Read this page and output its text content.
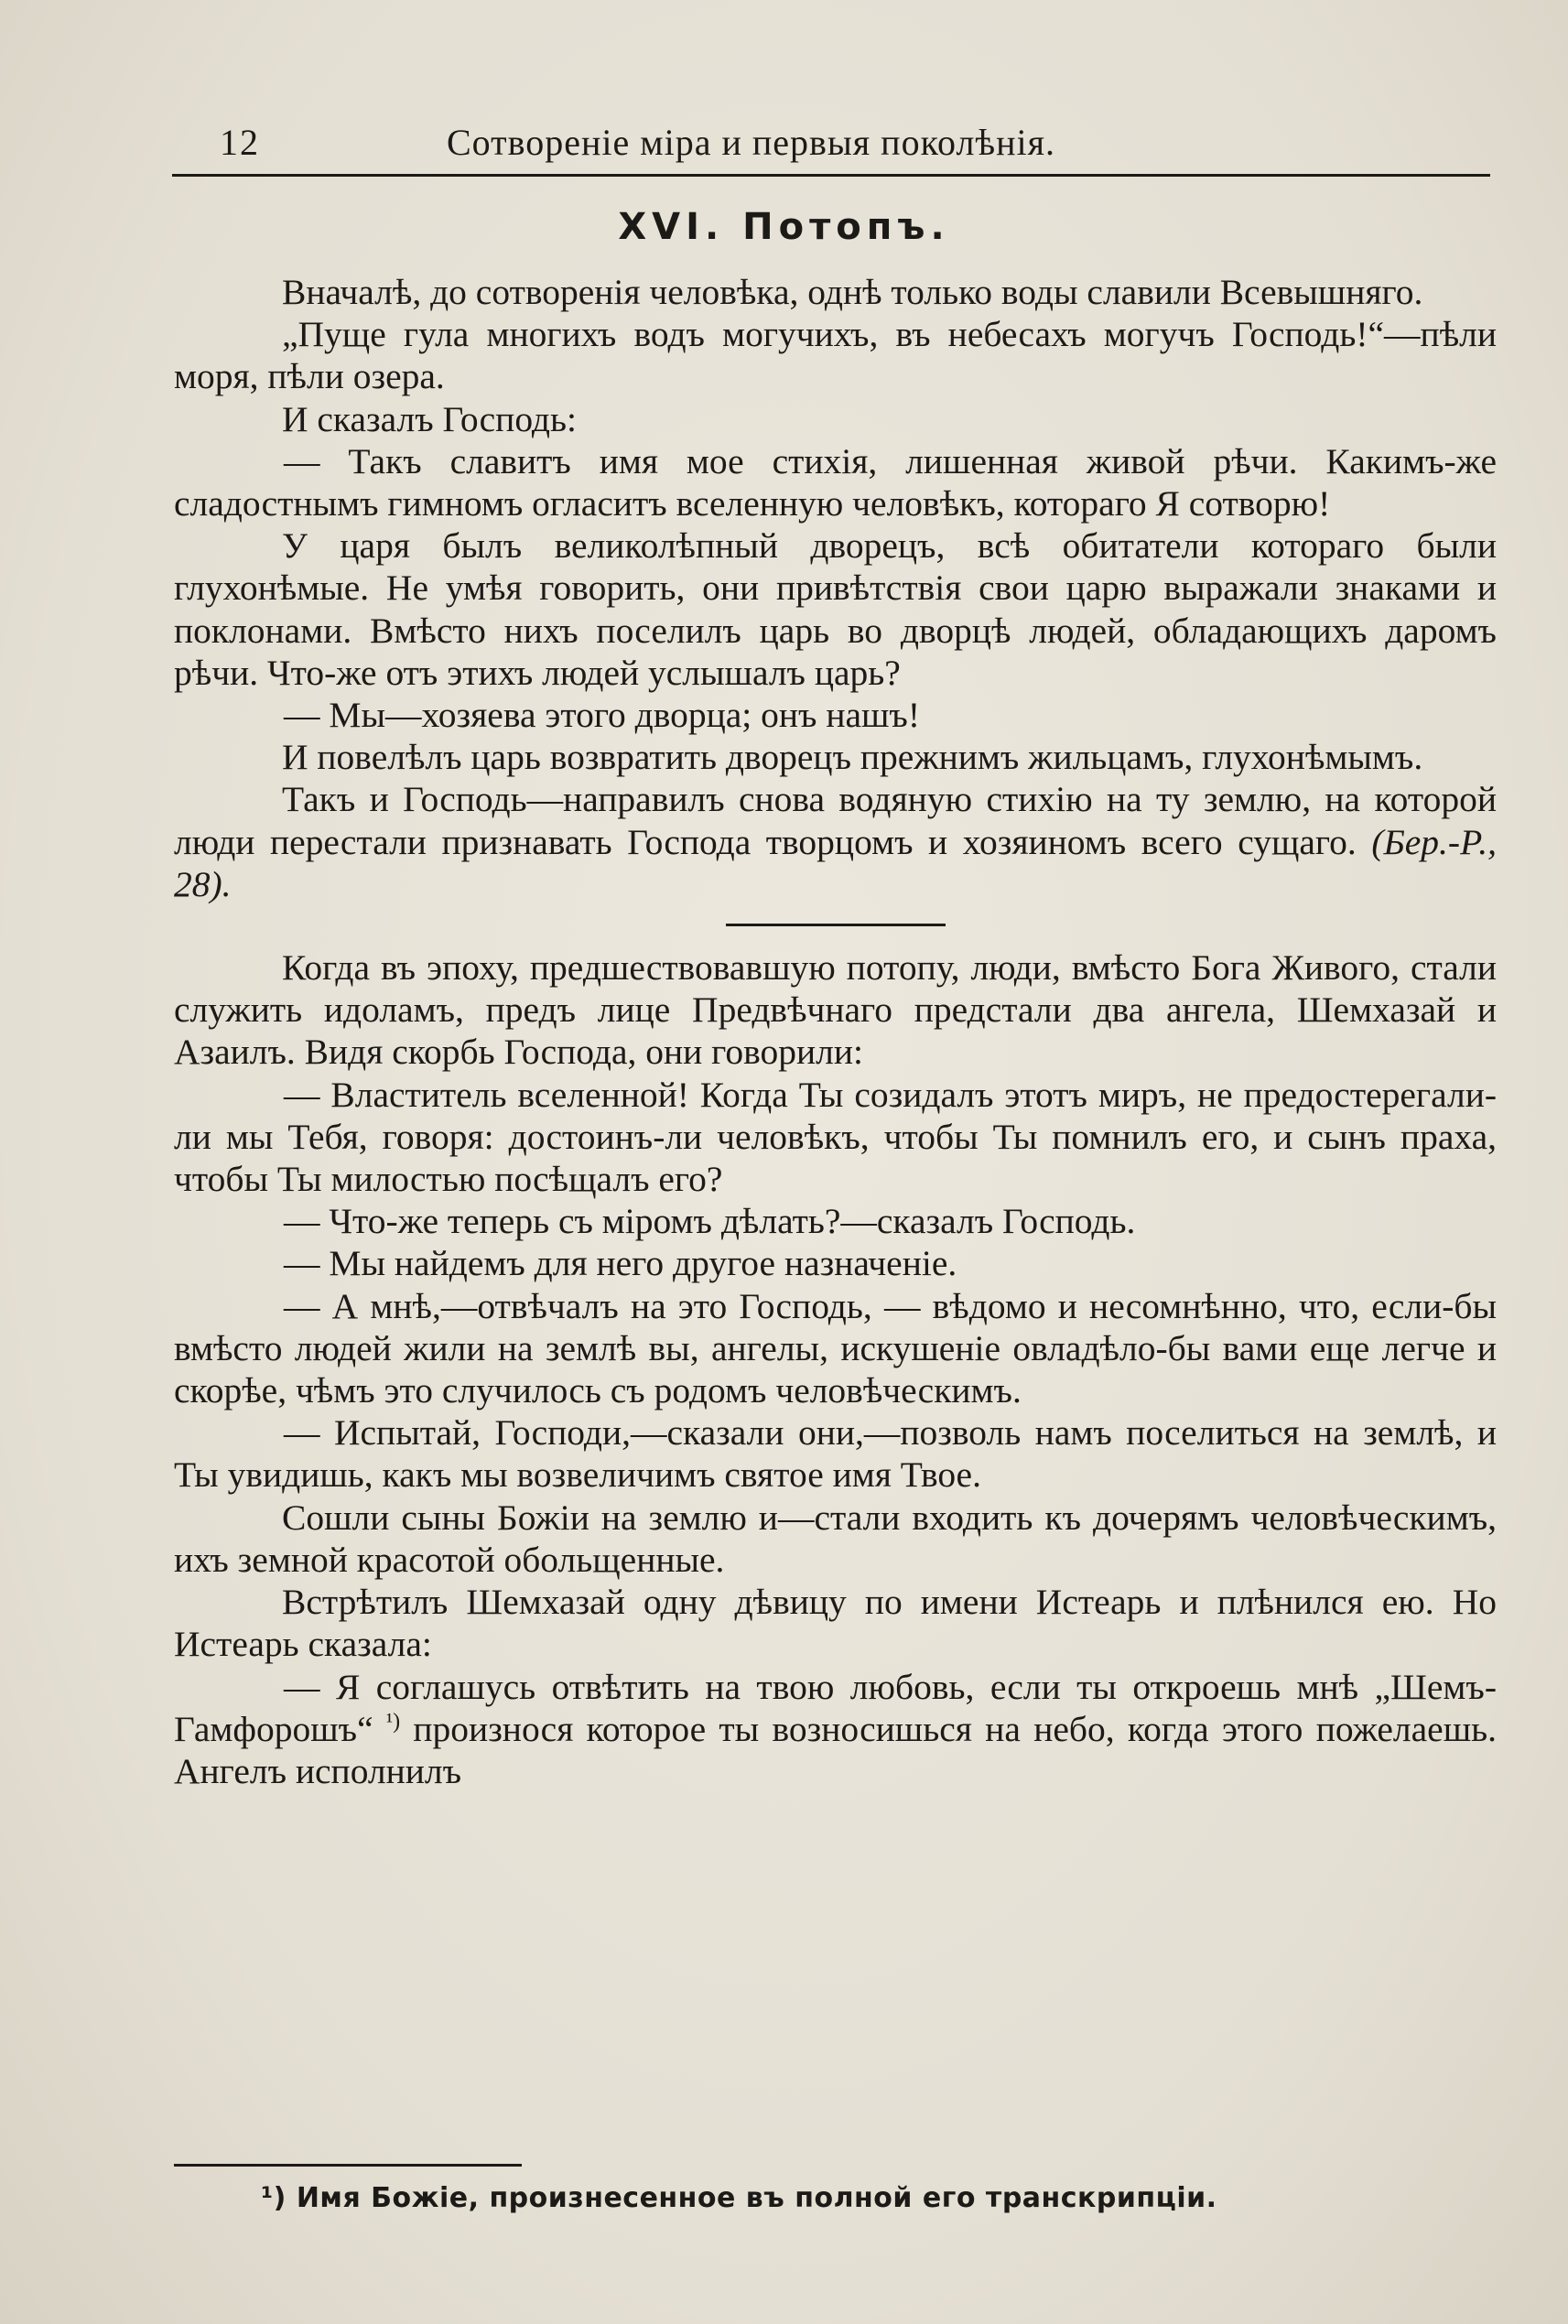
12	Сотворенiе мiра и первыя поколѣнiя.
XVI. Потопъ.

Вначалѣ, до сотворенiя человѣка, однѣ только воды славили Всевышняго.

„Пуще гула многихъ водъ могучихъ, въ небесахъ могучъ Господь!“—пѣли моря, пѣли озера.

И сказалъ Господь:

— Такъ славитъ имя мое стихiя, лишенная живой рѣчи. Какимъ-же сладостнымъ гимномъ огласитъ вселенную человѣкъ, котораго Я сотворю!

У царя былъ великолѣпный дворецъ, всѣ обитатели котораго были глухонѣмые. Не умѣя говорить, они привѣтствiя свои царю выражали знаками и поклонами. Вмѣсто нихъ поселилъ царь во дворцѣ людей, обладающихъ даромъ рѣчи. Что-же отъ этихъ людей услышалъ царь?

— Мы—хозяева этого дворца; онъ нашъ!

И повелѣлъ царь возвратить дворецъ прежнимъ жильцамъ, глухонѣмымъ.

Такъ и Господь—направилъ снова водяную стихiю на ту землю, на которой люди перестали признавать Господа творцомъ и хозяиномъ всего сущаго. (Бер.-Р., 28).

Когда въ эпоху, предшествовавшую потопу, люди, вмѣсто Бога Живого, стали служить идоламъ, предъ лице Предвѣчнаго предстали два ангела, Шемхазай и Азаилъ. Видя скорбь Господа, они говорили:

— Властитель вселенной! Когда Ты созидалъ этотъ миръ, не предостерегали-ли мы Тебя, говоря: достоинъ-ли человѣкъ, чтобы Ты помнилъ его, и сынъ праха, чтобы Ты милостью посѣщалъ его?

— Что-же теперь съ мiромъ дѣлать?—сказалъ Господь.

— Мы найдемъ для него другое назначенiе.

— А мнѣ,—отвѣчалъ на это Господь, — вѣдомо и несомнѣнно, что, если-бы вмѣсто людей жили на землѣ вы, ангелы, искушенiе овладѣло-бы вами еще легче и скорѣе, чѣмъ это случилось съ родомъ человѣческимъ.

— Испытай, Господи,—сказали они,—позволь намъ поселиться на землѣ, и Ты увидишь, какъ мы возвеличимъ святое имя Твое.

Сошли сыны Божiи на землю и—стали входить къ дочерямъ человѣческимъ, ихъ земной красотой обольщенные.

Встрѣтилъ Шемхазай одну дѣвицу по имени Истеарь и плѣнился ею. Но Истеарь сказала:

— Я соглашусь отвѣтить на твою любовь, если ты откроешь мнѣ „Шемъ-Гамфорошъ“ $^{^1)}$ произнося которое ты возносишься на небо, когда этого пожелаешь. Ангелъ исполнилъ

¹) Имя Божiе, произнесенное въ полной его транскрипцiи.
